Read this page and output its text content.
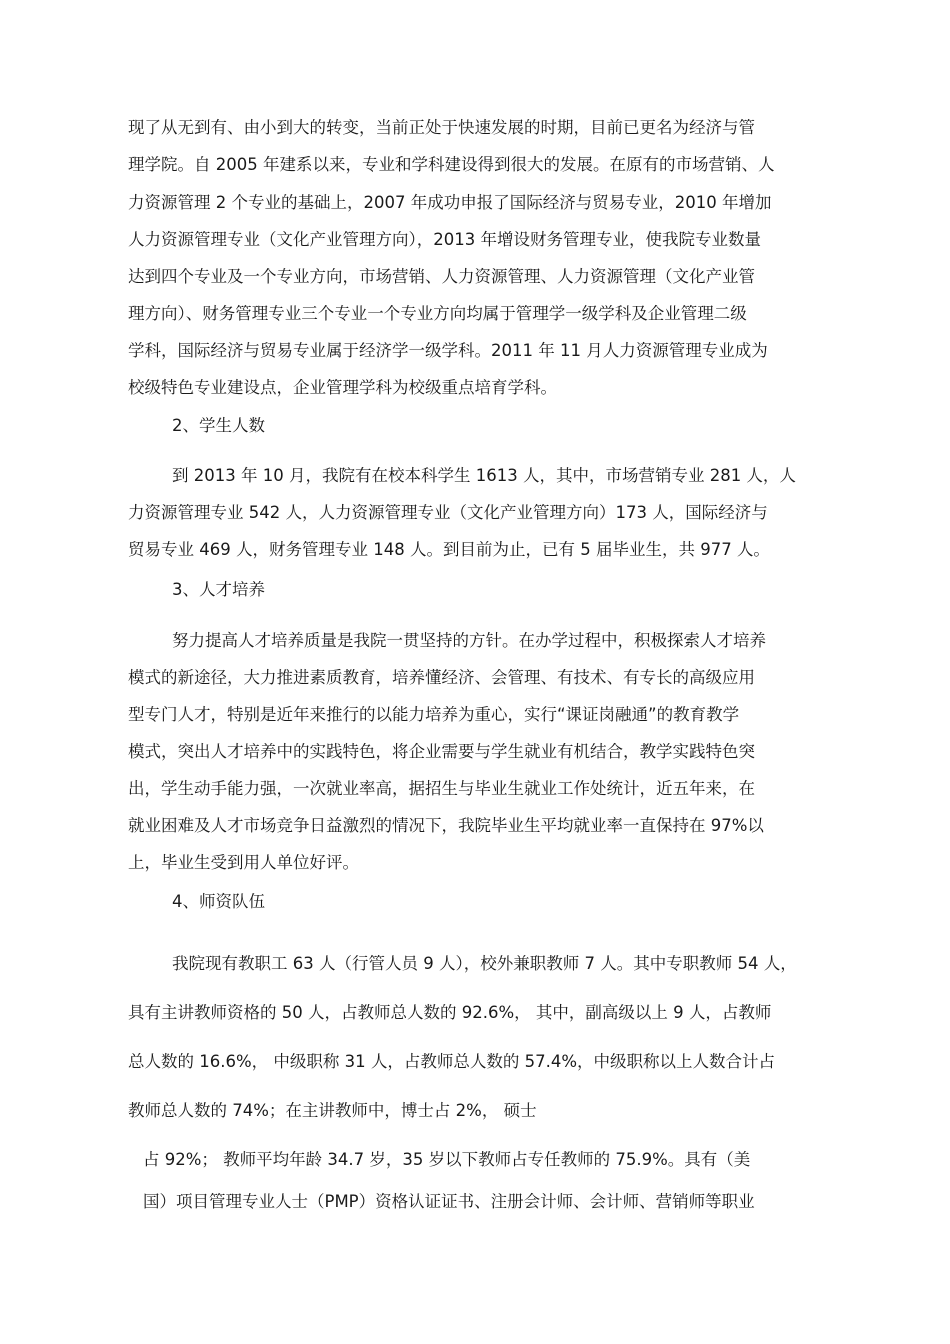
现了从无到有、由小到大的转变，当前正处于快速发展的时期，目前已更名为经济与管
理学院。自 2005 年建系以来，专业和学科建设得到很大的发展。在原有的市场营销、人
力资源管理 2 个专业的基础上，2007 年成功申报了国际经济与贸易专业，2010 年增加
人力资源管理专业（文化产业管理方向），2013 年增设财务管理专业，使我院专业数量
达到四个专业及一个专业方向，市场营销、人力资源管理、人力资源管理（文化产业管
理方向）、财务管理专业三个专业一个专业方向均属于管理学一级学科及企业管理二级
学科，国际经济与贸易专业属于经济学一级学科。2011 年 11 月人力资源管理专业成为
校级特色专业建设点，企业管理学科为校级重点培育学科。
2、学生人数
到 2013 年 10 月，我院有在校本科学生 1613 人，其中，市场营销专业 281 人，人
力资源管理专业 542 人，人力资源管理专业（文化产业管理方向）173 人，国际经济与
贸易专业 469 人，财务管理专业 148 人。到目前为止，已有 5 届毕业生，共 977 人。
3、人才培养
努力提高人才培养质量是我院一贯坚持的方针。在办学过程中，积极探索人才培养
模式的新途径，大力推进素质教育，培养懂经济、会管理、有技术、有专长的高级应用
型专门人才，特别是近年来推行的以能力培养为重心，实行“课证岗融通”的教育教学
模式，突出人才培养中的实践特色，将企业需要与学生就业有机结合，教学实践特色突
出，学生动手能力强，一次就业率高，据招生与毕业生就业工作处统计，近五年来，在
就业困难及人才市场竞争日益激烈的情况下，我院毕业生平均就业率一直保持在 97%以
上，毕业生受到用人单位好评。
4、师资队伍
我院现有教职工 63 人（行管人员 9 人），校外兼职教师 7 人。其中专职教师 54 人，
具有主讲教师资格的 50 人，占教师总人数的 92.6%， 其中，副高级以上 9 人，占教师
总人数的 16.6%， 中级职称 31 人，占教师总人数的 57.4%，中级职称以上人数合计占
教师总人数的 74%；在主讲教师中，博士占 2%， 硕士
占 92%； 教师平均年龄 34.7 岁，35 岁以下教师占专任教师的 75.9%。具有（美
国）项目管理专业人士（PMP）资格认证证书、注册会计师、会计师、营销师等职业
